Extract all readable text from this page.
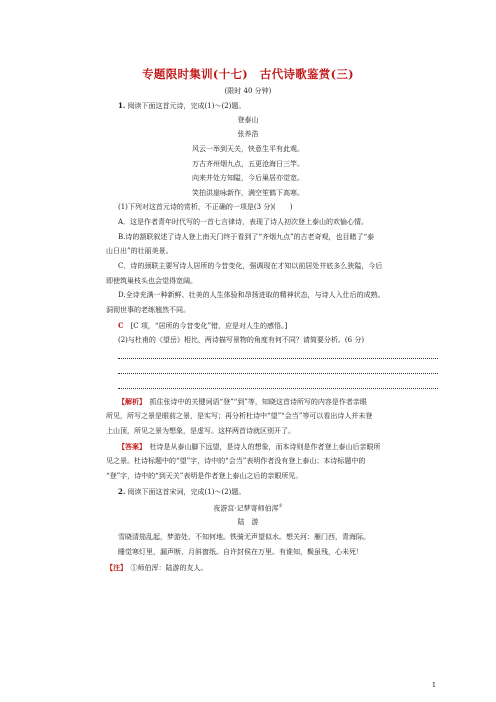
专题限时集训(十七)　古代诗歌鉴赏(三)
(限时 40 分钟)
1. 阅读下面这首元诗，完成(1)～(2)题。
登泰山
张养浩
风云一举到天关，快意生平有此观。
万古齐州烟九点，五更沧海日三竿。
向来井处方知隘，今后巢居亦觉宽。
笑拍洪崖咏新作，满空笙鹤下高寒。
(1)下列对这首元诗的赏析，不正确的一项是(3 分)(　　)
A．这是作者青年时代写的一首七言律诗，表现了诗人初次登上泰山的欢愉心情。
B.诗的颔联叙述了诗人登上南天门终于看到了“齐烟九点”的古老奇观，也目睹了“泰
山日出”的壮丽美景。
C．诗的颈联主要写诗人居所的今昔变化，强调现在才知以前居处井底多么狭隘，今后
即使筑巢枝头也会觉得宽阔。
D.全诗充满一种新鲜、壮美的人生体验和昂扬进取的精神状态，与诗人入仕后的成熟、
洞彻世事的老练翘然不同。
C　[C 项，“居所的今昔变化”错，应是对人生的感悟。]
(2)与杜甫的《望岳》相比，两诗描写景物的角度有何不同？请简要分析。(6 分)
【解析】　抓住张诗中的关键词语“登”“到”等，知晓这首诗所写的内容是作者亲眼
所见，所写之景是眼前之景，是实写；再分析杜诗中“望”“会当”等可以看出诗人并未登
上山顶，所见之景为想象，是虚写。这样两首诗就区别开了。
【答案】　杜诗是从泰山脚下远望，是诗人的想象，而本诗则是作者登上泰山后亲眼所
见之景。杜诗标题中的“望”字，诗中的“会当”表明作者没有登上泰山；本诗标题中的
“登”字，诗中的“到天关”表明是作者登上泰山之后的亲眼所见。
2. 阅读下面这首宋词，完成(1)～(2)题。
夜游宫·记梦寄师伯浑①
陆　游
雪晓清笳乱起，梦游处、不知何地。铁骑无声望似水。想关河：雁门西，青海际。
睡觉寒灯里，漏声断、月斜窗纸。自许封侯在万里。有谁知，鬓虽残，心未死！
【注】　①师伯浑：陆游的友人。
1
